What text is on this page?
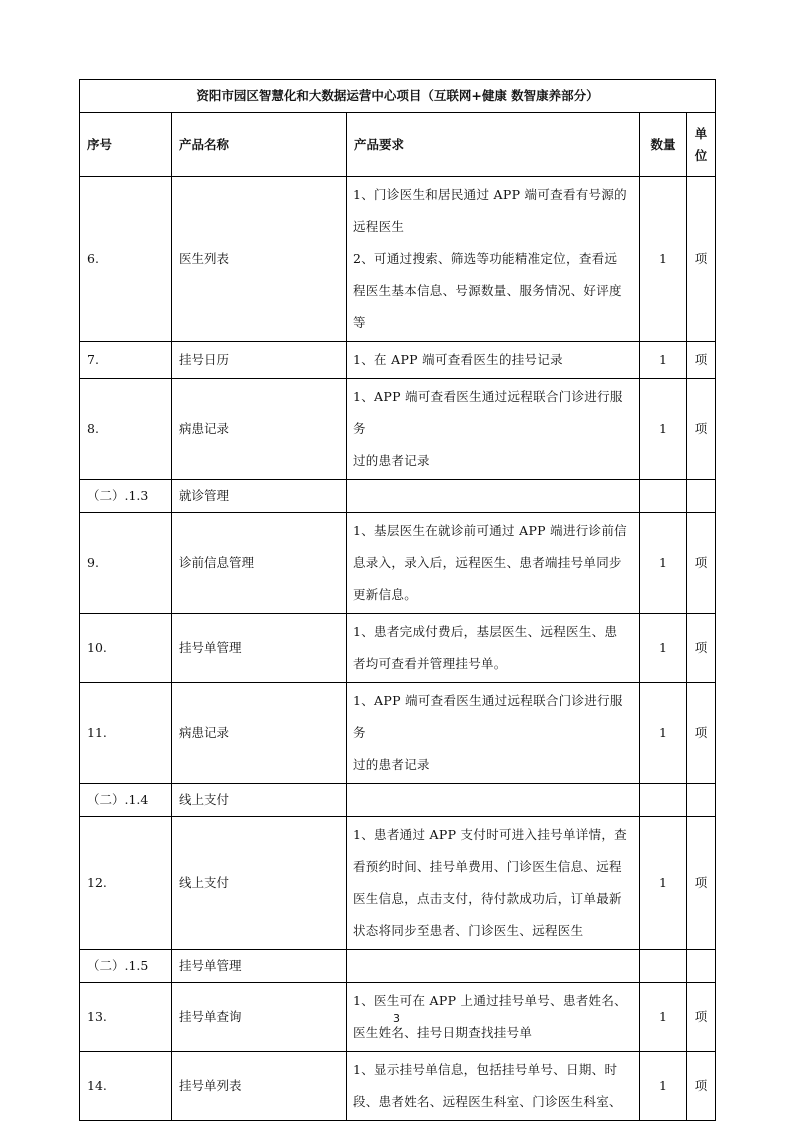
资阳市园区智慧化和大数据运营中心项目（互联网+健康 数智康养部分）				
序号	产品名称	产品要求	数量	单
位

6.	医生列表	1、门诊医生和居民通过 APP 端可查看有号源的
远程医生
2、可通过搜索、筛选等功能精准定位，查看远
程医生基本信息、号源数量、服务情况、好评度
等	1	项
7.	挂号日历	1、在 APP 端可查看医生的挂号记录	1	项
8.	病患记录	1、APP 端可查看医生通过远程联合门诊进行服务
过的患者记录	1	项
（二）.1.3	就诊管理			
9.	诊前信息管理	1、基层医生在就诊前可通过 APP 端进行诊前信
息录入，录入后，远程医生、患者端挂号单同步
更新信息。	1	项
10.	挂号单管理	1、患者完成付费后，基层医生、远程医生、患
者均可查看并管理挂号单。	1	项
11.	病患记录	1、APP 端可查看医生通过远程联合门诊进行服务
过的患者记录	1	项
（二）.1.4	线上支付			
12.	线上支付	1、患者通过 APP 支付时可进入挂号单详情，查
看预约时间、挂号单费用、门诊医生信息、远程
医生信息，点击支付，待付款成功后，订单最新
状态将同步至患者、门诊医生、远程医生	1	项
（二）.1.5	挂号单管理			
13.	挂号单查询	1、医生可在 APP 上通过挂号单号、患者姓名、
医生姓名、挂号日期查找挂号单	1	项
14.	挂号单列表	1、显示挂号单信息，包括挂号单号、日期、时
段、患者姓名、远程医生科室、门诊医生科室、	1	项
3
